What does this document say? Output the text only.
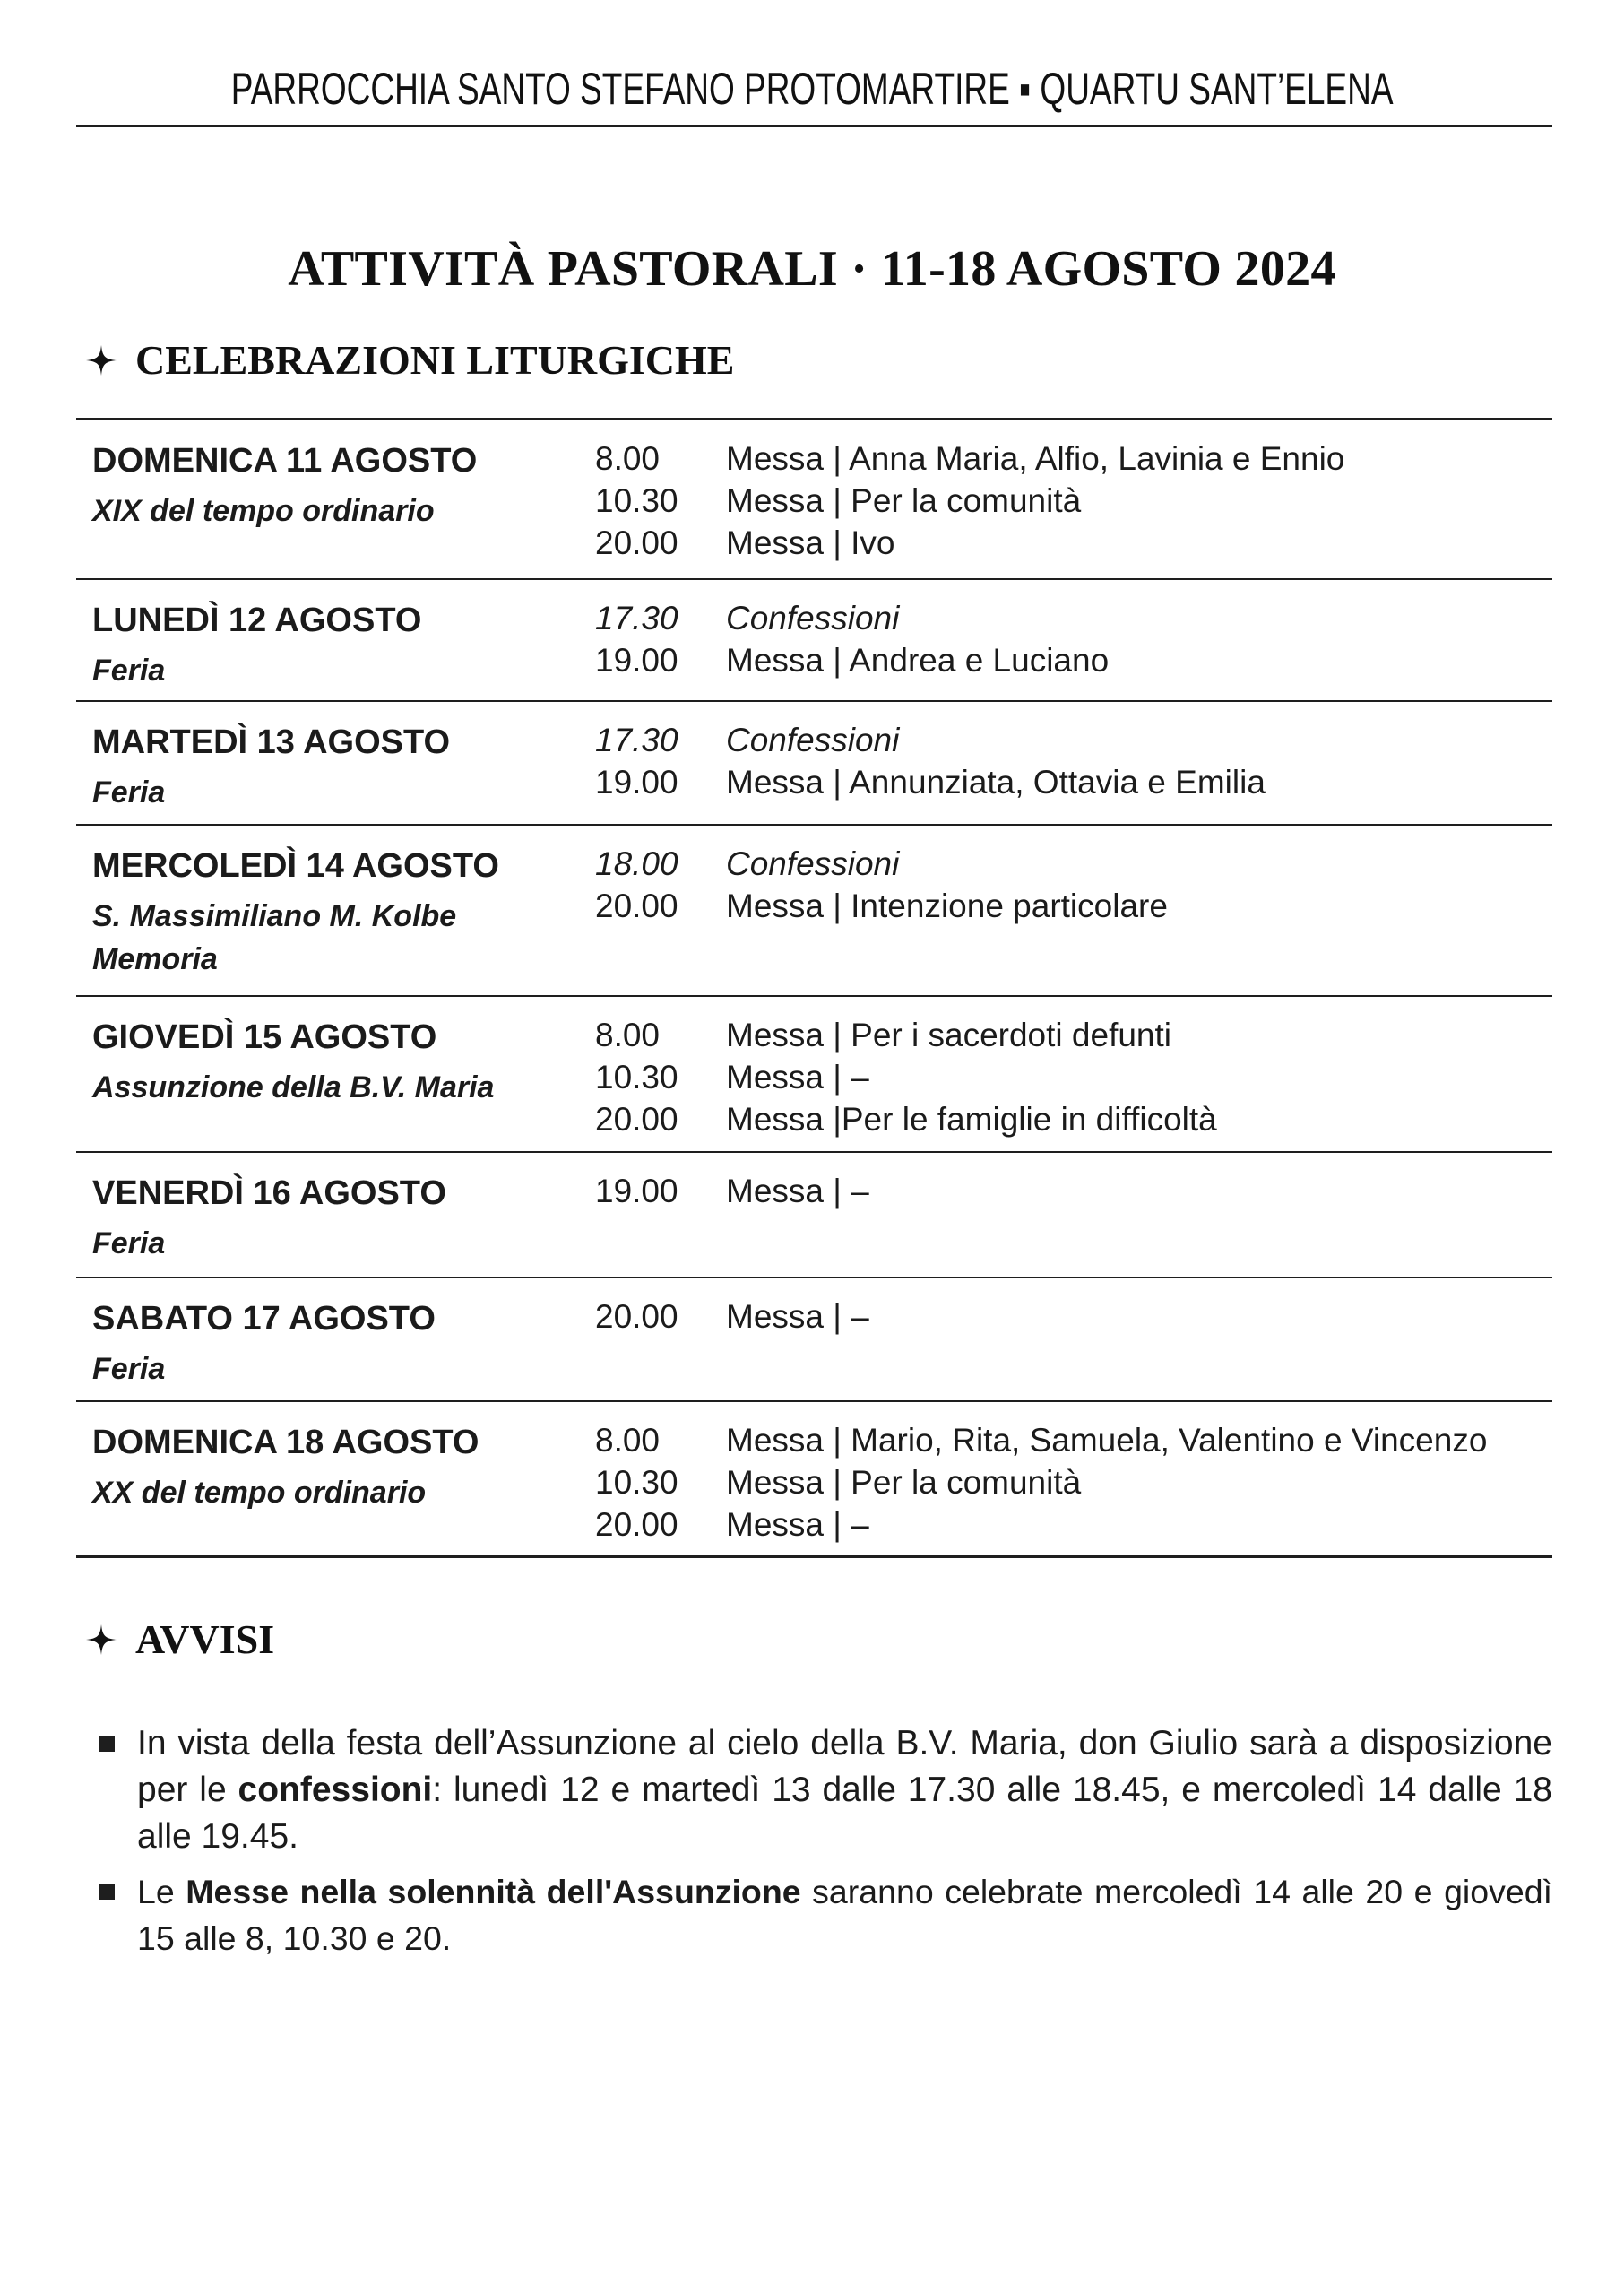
PARROCCHIA SANTO STEFANO PROTOMARTIRE ▪ QUARTU SANT’ELENA
ATTIVITÀ PASTORALI · 11-18 AGOSTO 2024
CELEBRAZIONI LITURGICHE
DOMENICA 11 AGOSTO
XIX del tempo ordinario
8.00	Messa | Anna Maria, Alfio, Lavinia e Ennio
10.30	Messa | Per la comunità
20.00	Messa | Ivo
LUNEDÌ 12 AGOSTO
Feria
17.30	Confessioni
19.00	Messa | Andrea e Luciano
MARTEDÌ 13 AGOSTO
Feria
17.30	Confessioni
19.00	Messa | Annunziata, Ottavia e Emilia
MERCOLEDÌ 14 AGOSTO
S. Massimiliano M. Kolbe
Memoria
18.00	Confessioni
20.00	Messa | Intenzione particolare
GIOVEDÌ 15 AGOSTO
Assunzione della B.V. Maria
8.00	Messa | Per i sacerdoti defunti
10.30	Messa | –
20.00	Messa |Per le famiglie in difficoltà
VENERDÌ 16 AGOSTO
Feria
19.00	Messa | –
SABATO 17 AGOSTO
Feria
20.00	Messa | –
DOMENICA 18 AGOSTO
XX del tempo ordinario
8.00	Messa | Mario, Rita, Samuela, Valentino e Vincenzo
10.30	Messa | Per la comunità
20.00	Messa | –
AVVISI

In vista della festa dell’Assunzione al cielo della B.V. Maria, don Giulio sarà a disposizione per le confessioni: lunedì 12 e martedì 13 dalle 17.30 alle 18.45, e mercoledì 14 dalle 18 alle 19.45.

Le Messe nella solennità dell'Assunzione saranno celebrate mercoledì 14 alle 20 e giovedì 15 alle 8, 10.30 e 20.
